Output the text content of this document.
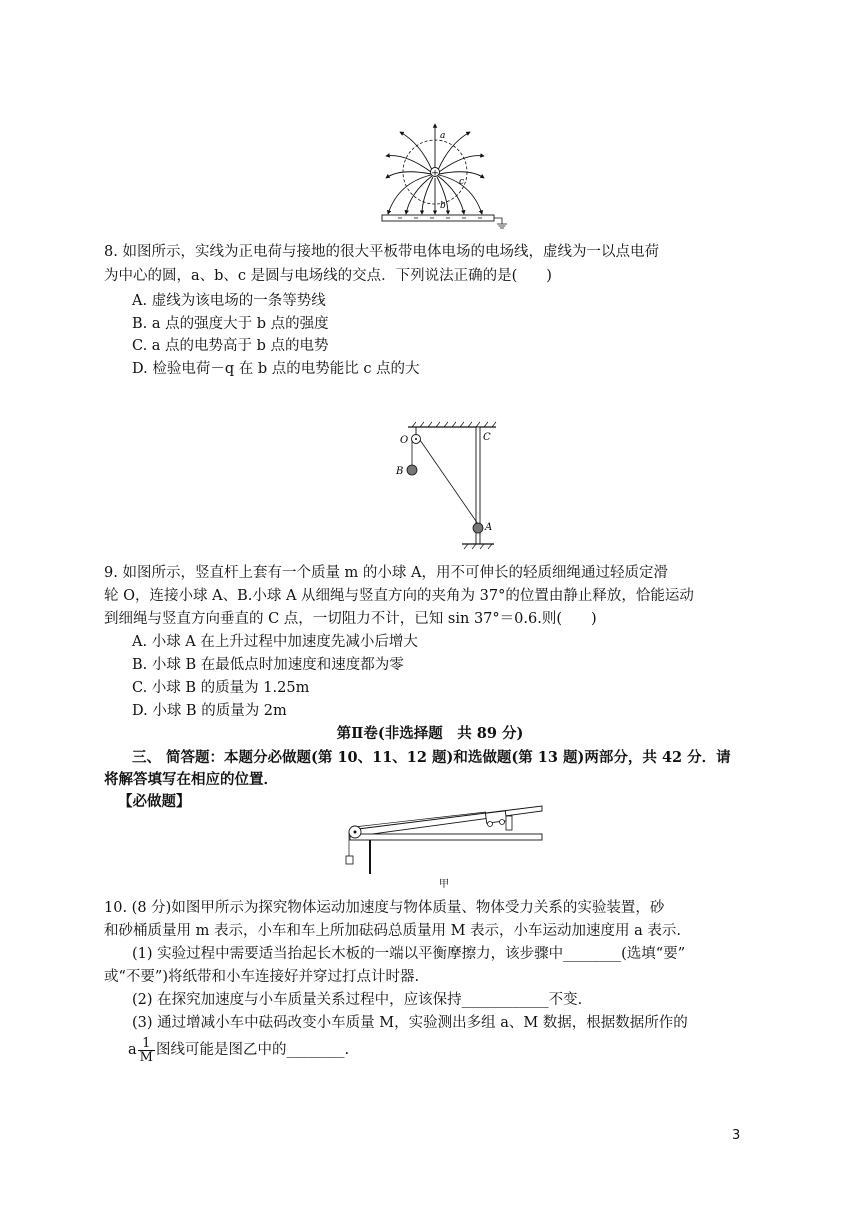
+
a
b
c
8. 如图所示，实线为正电荷与接地的很大平板带电体电场的电场线，虚线为一以点电荷
为中心的圆，a、b、c 是圆与电场线的交点．下列说法正确的是(　　)
A. 虚线为该电场的一条等势线
B. a 点的强度大于 b 点的强度
C. a 点的电势高于 b 点的电势
D. 检验电荷－q 在 b 点的电势能比 c 点的大
O
B
C
A
9. 如图所示，竖直杆上套有一个质量 m 的小球 A，用不可伸长的轻质细绳通过轻质定滑
轮 O，连接小球 A、B.小球 A 从细绳与竖直方向的夹角为 37°的位置由静止释放，恰能运动
到细绳与竖直方向垂直的 C 点，一切阻力不计，已知 sin 37°＝0.6.则(　　)
A. 小球 A 在上升过程中加速度先减小后增大
B. 小球 B 在最低点时加速度和速度都为零
C. 小球 B 的质量为 1.25m
D. 小球 B 的质量为 2m
第Ⅱ卷(非选择题　共 89 分)
三、 简答题：本题分必做题(第 10、11、12 题)和选做题(第 13 题)两部分，共 42 分．请
将解答填写在相应的位置．
【必做题】
甲
10. (8 分)如图甲所示为探究物体运动加速度与物体质量、物体受力关系的实验装置，砂
和砂桶质量用 m 表示，小车和车上所加砝码总质量用 M 表示，小车运动加速度用 a 表示.
(1) 实验过程中需要适当抬起长木板的一端以平衡摩擦力，该步骤中________(选填“要”
或“不要”)将纸带和小车连接好并穿过打点计时器.
(2) 在探究加速度与小车质量关系过程中，应该保持____________不变.
(3) 通过增减小车中砝码改变小车质量 M，实验测出多组 a、M 数据，根据数据所作的
a $\frac{1}{M}$ 图线可能是图乙中的________.
3
